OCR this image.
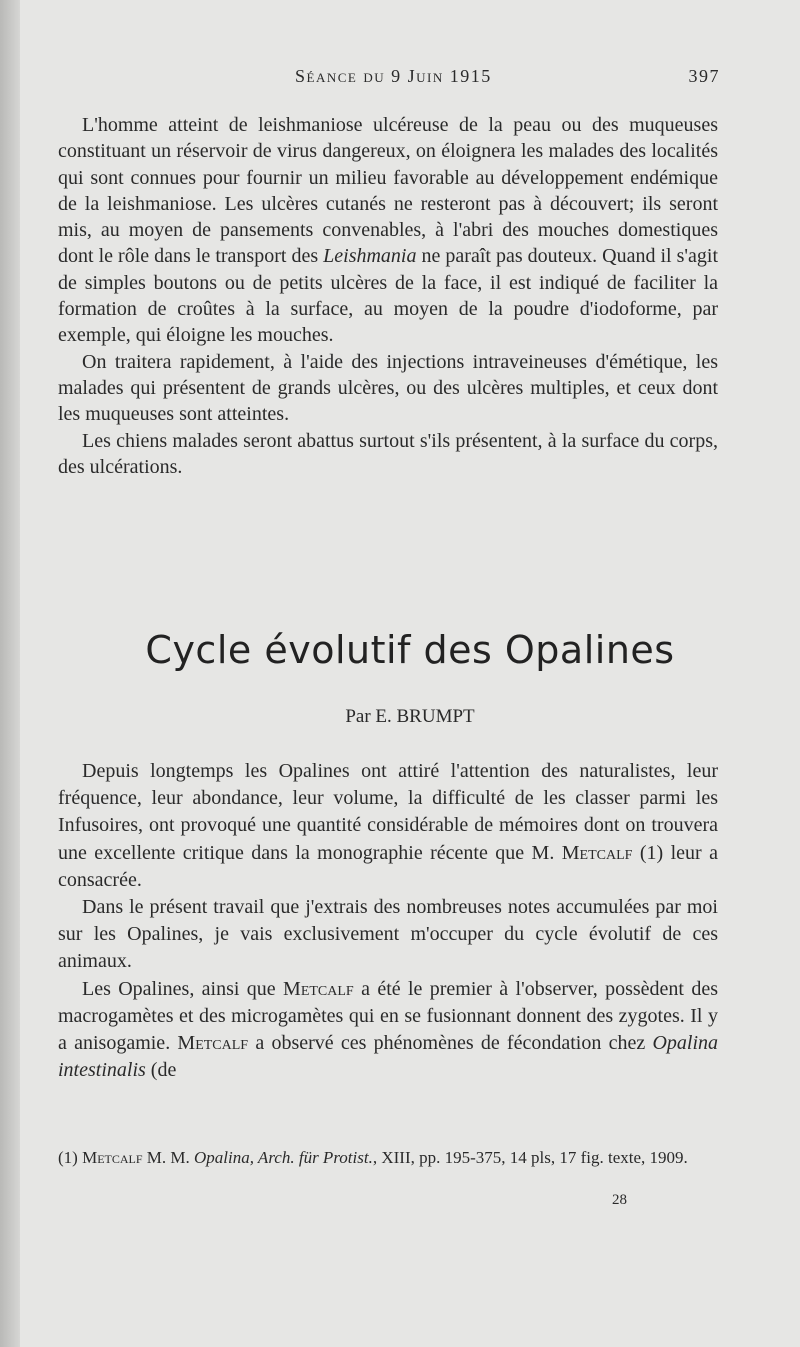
Séance du 9 Juin 1915	397

L'homme atteint de leishmaniose ulcéreuse de la peau ou des muqueuses constituant un réservoir de virus dangereux, on éloignera les malades des localités qui sont connues pour fournir un milieu favorable au développement endémique de la leishmaniose. Les ulcères cutanés ne resteront pas à découvert; ils seront mis, au moyen de pansements convenables, à l'abri des mouches domestiques dont le rôle dans le transport des Leishmania ne paraît pas douteux. Quand il s'agit de simples boutons ou de petits ulcères de la face, il est indiqué de faciliter la formation de croûtes à la surface, au moyen de la poudre d'iodoforme, par exemple, qui éloigne les mouches.

On traitera rapidement, à l'aide des injections intraveineuses d'émétique, les malades qui présentent de grands ulcères, ou des ulcères multiples, et ceux dont les muqueuses sont atteintes.

Les chiens malades seront abattus surtout s'ils présentent, à la surface du corps, des ulcérations.

Cycle évolutif des Opalines
Par E. BRUMPT

Depuis longtemps les Opalines ont attiré l'attention des naturalistes, leur fréquence, leur abondance, leur volume, la difficulté de les classer parmi les Infusoires, ont provoqué une quantité considérable de mémoires dont on trouvera une excellente critique dans la monographie récente que M. Metcalf (1) leur a consacrée.

Dans le présent travail que j'extrais des nombreuses notes accumulées par moi sur les Opalines, je vais exclusivement m'occuper du cycle évolutif de ces animaux.

Les Opalines, ainsi que Metcalf a été le premier à l'observer, possèdent des macrogamètes et des microgamètes qui en se fusionnant donnent des zygotes. Il y a anisogamie. Metcalf a observé ces phénomènes de fécondation chez Opalina intestinalis (de

(1) Metcalf M. M. Opalina, Arch. für Protist., XIII, pp. 195-375, 14 pls, 17 fig. texte, 1909.
28
